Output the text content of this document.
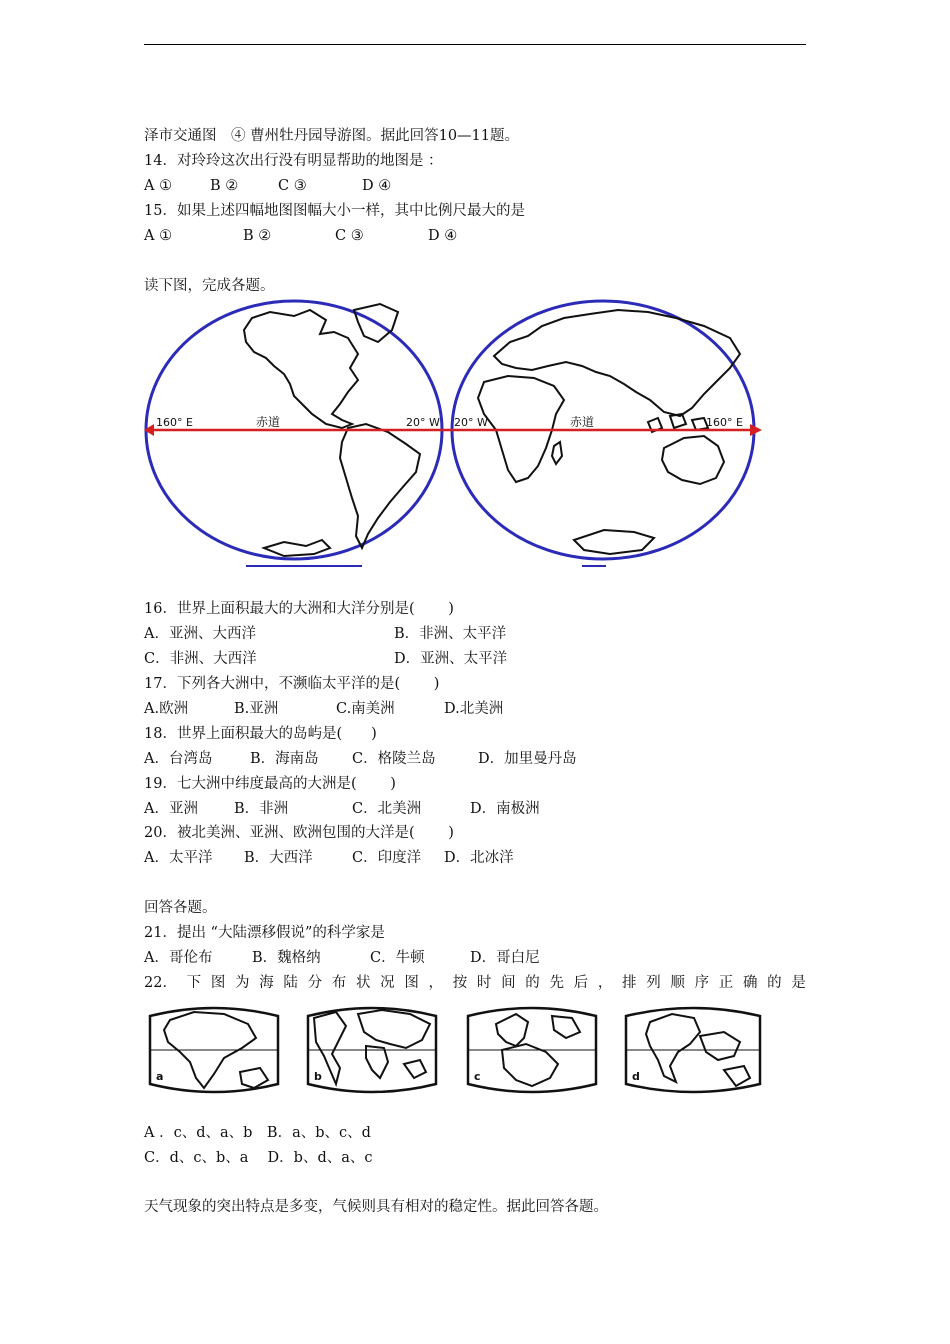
泽市交通图　④ 曹州牡丹园导游图。据此回答10—11题。
14．对玲玲这次出行没有明显帮助的地图是 ：
A ①	B ②	C ③	D ④
15．如果上述四幅地图图幅大小一样，其中比例尺最大的是
A ①	B ②	C ③	D ④
读下图，完成各题。
160° E	赤道	20° W 20° W	赤道	160° E
16．世界上面积最大的大洲和大洋分别是(　　 )
A．亚洲、大西洋	B．非洲、太平洋
C．非洲、大西洋	D．亚洲、太平洋
17．下列各大洲中，不濒临太平洋的是(　　 )
A.欧洲	B.亚洲	C.南美洲	D.北美洲
18．世界上面积最大的岛屿是(　　)
A．台湾岛	B．海南岛 C．格陵兰岛	D．加里曼丹岛
19．七大洲中纬度最高的大洲是(　　 )
A．亚洲 B．非洲	C．北美洲	D．南极洲
20．被北美洲、亚洲、欧洲包围的大洋是(　　 )
A．太平洋 B．大西洋	C．印度洋 D．北冰洋
回答各题。
21．提出 “大陆漂移假说”的科学家是
A．哥伦布	B．魏格纳	C．牛顿	D．哥白尼
22． 下 图 为 海 陆 分 布 状 况 图 ， 按 时 间 的 先 后 ， 排 列 顺 序 正 确 的 是
a	b	c	d
A ．c、d、a、b　B．a、b、c、d
C．d、c、b、a　 D．b、d、a、c
天气现象的突出特点是多变，气候则具有相对的稳定性。据此回答各题。
